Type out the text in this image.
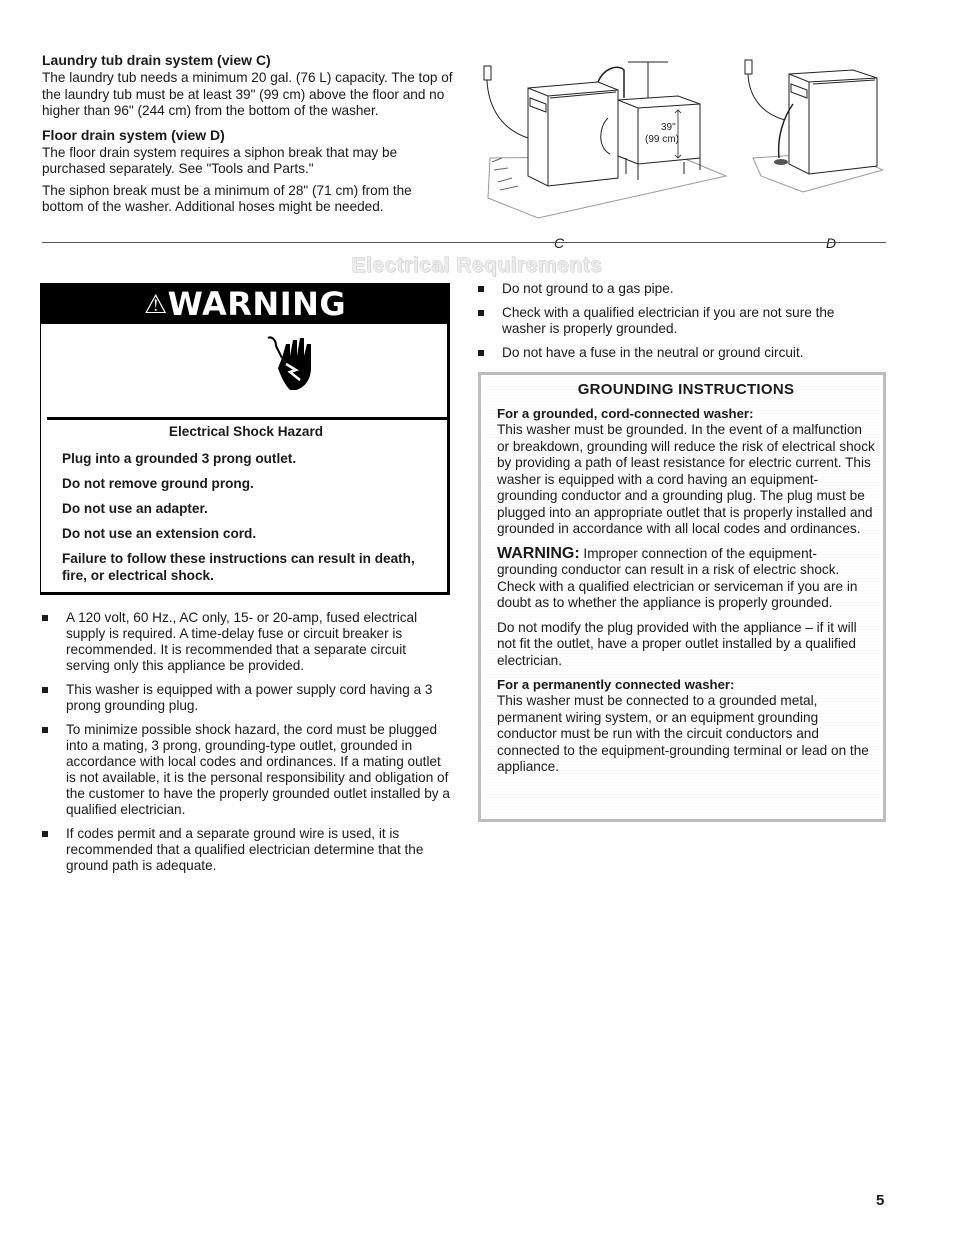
Laundry tub drain system (view C)

The laundry tub needs a minimum 20 gal. (76 L) capacity. The top of the laundry tub must be at least 39" (99 cm) above the floor and no higher than 96" (244 cm) from the bottom of the washer.

Floor drain system (view D)

The floor drain system requires a siphon break that may be purchased separately. See "Tools and Parts."

The siphon break must be a minimum of 28" (71 cm) from the bottom of the washer. Additional hoses might be needed.

39"
(99 cm)
C	D
Electrical Requirements
⚠WARNING
Electrical Shock Hazard

Plug into a grounded 3 prong outlet.

Do not remove ground prong.

Do not use an adapter.

Do not use an extension cord.

Failure to follow these instructions can result in death, fire, or electrical shock.

A 120 volt, 60 Hz., AC only, 15- or 20-amp, fused electrical supply is required. A time-delay fuse or circuit breaker is recommended. It is recommended that a separate circuit serving only this appliance be provided.
This washer is equipped with a power supply cord having a 3 prong grounding plug.
To minimize possible shock hazard, the cord must be plugged into a mating, 3 prong, grounding-type outlet, grounded in accordance with local codes and ordinances. If a mating outlet is not available, it is the personal responsibility and obligation of the customer to have the properly grounded outlet installed by a qualified electrician.
If codes permit and a separate ground wire is used, it is recommended that a qualified electrician determine that the ground path is adequate.
Do not ground to a gas pipe.
Check with a qualified electrician if you are not sure the washer is properly grounded.
Do not have a fuse in the neutral or ground circuit.
GROUNDING INSTRUCTIONS

For a grounded, cord-connected washer:

This washer must be grounded. In the event of a malfunction or breakdown, grounding will reduce the risk of electrical shock by providing a path of least resistance for electric current. This washer is equipped with a cord having an equipment-grounding conductor and a grounding plug. The plug must be plugged into an appropriate outlet that is properly installed and grounded in accordance with all local codes and ordinances.

WARNING: Improper connection of the equipment-grounding conductor can result in a risk of electric shock. Check with a qualified electrician or serviceman if you are in doubt as to whether the appliance is properly grounded.

Do not modify the plug provided with the appliance – if it will not fit the outlet, have a proper outlet installed by a qualified electrician.

For a permanently connected washer:

This washer must be connected to a grounded metal, permanent wiring system, or an equipment grounding conductor must be run with the circuit conductors and connected to the equipment-grounding terminal or lead on the appliance.

5
